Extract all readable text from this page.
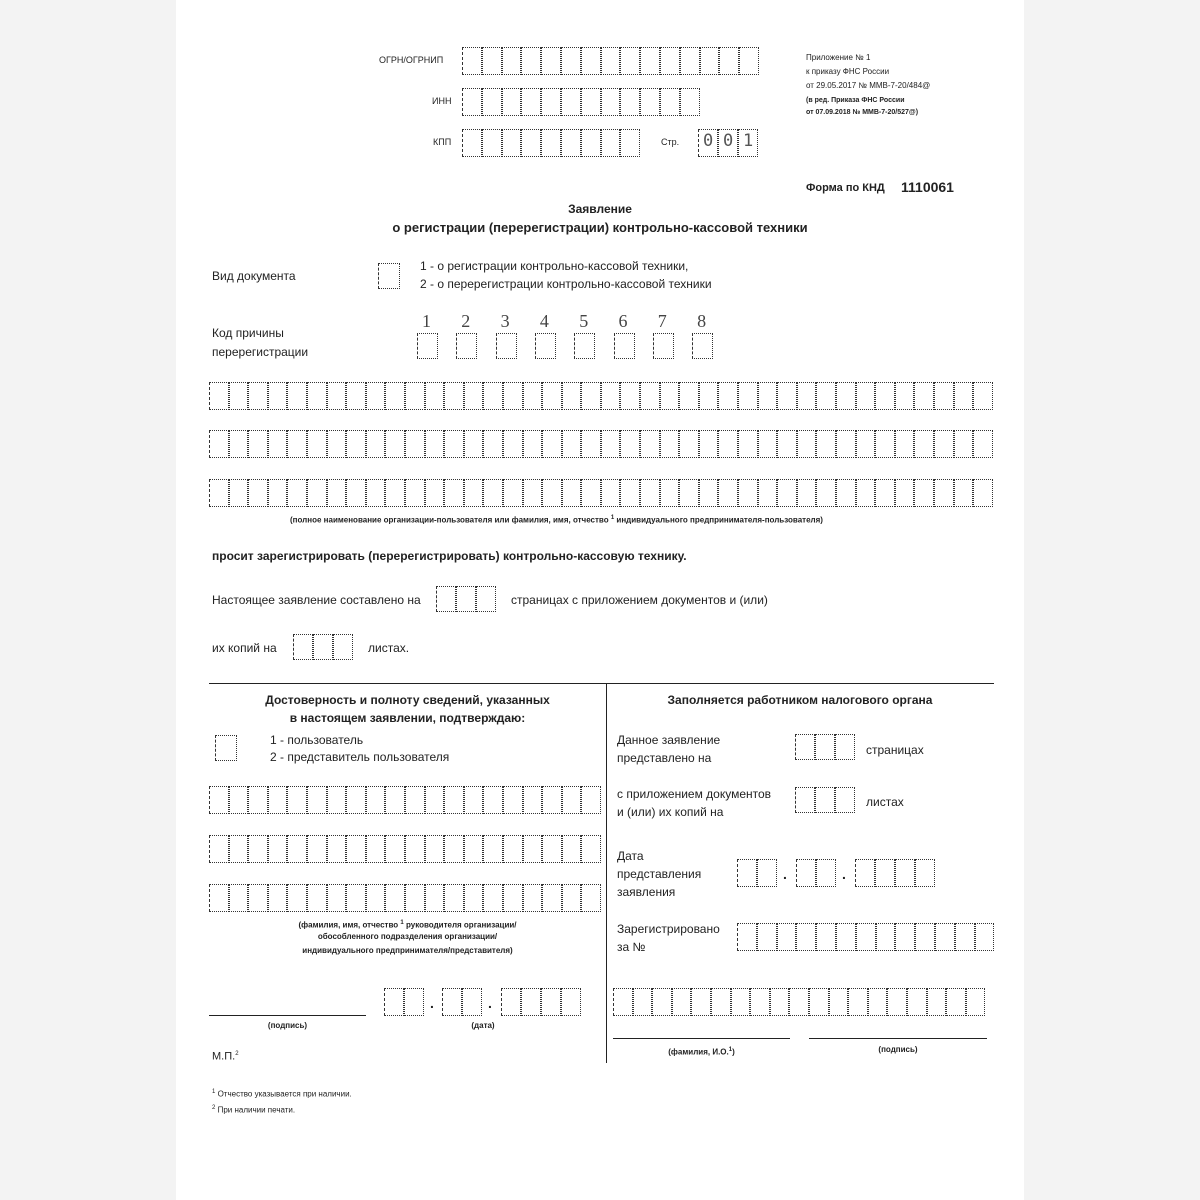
ОГРН/ОГРНИП
ИНН
КПП	Стр. 0 0 1
Приложение № 1
к приказу ФНС России
от 29.05.2017 № ММВ-7-20/484@
(в ред. Приказа ФНС России
от 07.09.2018 № ММВ-7-20/527@)
Форма по КНД 1110061
Заявление
о регистрации (перерегистрации) контрольно-кассовой техники
Вид документа
1 - о регистрации контрольно-кассовой техники,
2 - о перерегистрации контрольно-кассовой техники
Код причины
перерегистрации
1 2 3 4 5 6 7 8
(полное наименование организации-пользователя или фамилия, имя, отчество $^1$ индивидуального предпринимателя-пользователя)
просит зарегистрировать (перерегистрировать) контрольно-кассовую технику.
Настоящее заявление составлено на	страницах с приложением документов и (или)
их копий на	листах.
Достоверность и полноту сведений, указанных
в настоящем заявлении, подтверждаю:
1 - пользователь
2 - представитель пользователя
(фамилия, имя, отчество $^1$ руководителя организации/
обособленного подразделения организации/
индивидуального предпринимателя/представителя)
(подпись)
.	.
(дата)
М.П.$^2$
Заполняется работником налогового органа
Данное заявление
представлено на
страницах
с приложением документов
и (или) их копий на
листах
Дата
представления
заявления
.	.
Зарегистрировано
за №
(фамилия, И.О.$^1$)	(подпись)
$^1$ Отчество указывается при наличии.
$^2$ При наличии печати.
